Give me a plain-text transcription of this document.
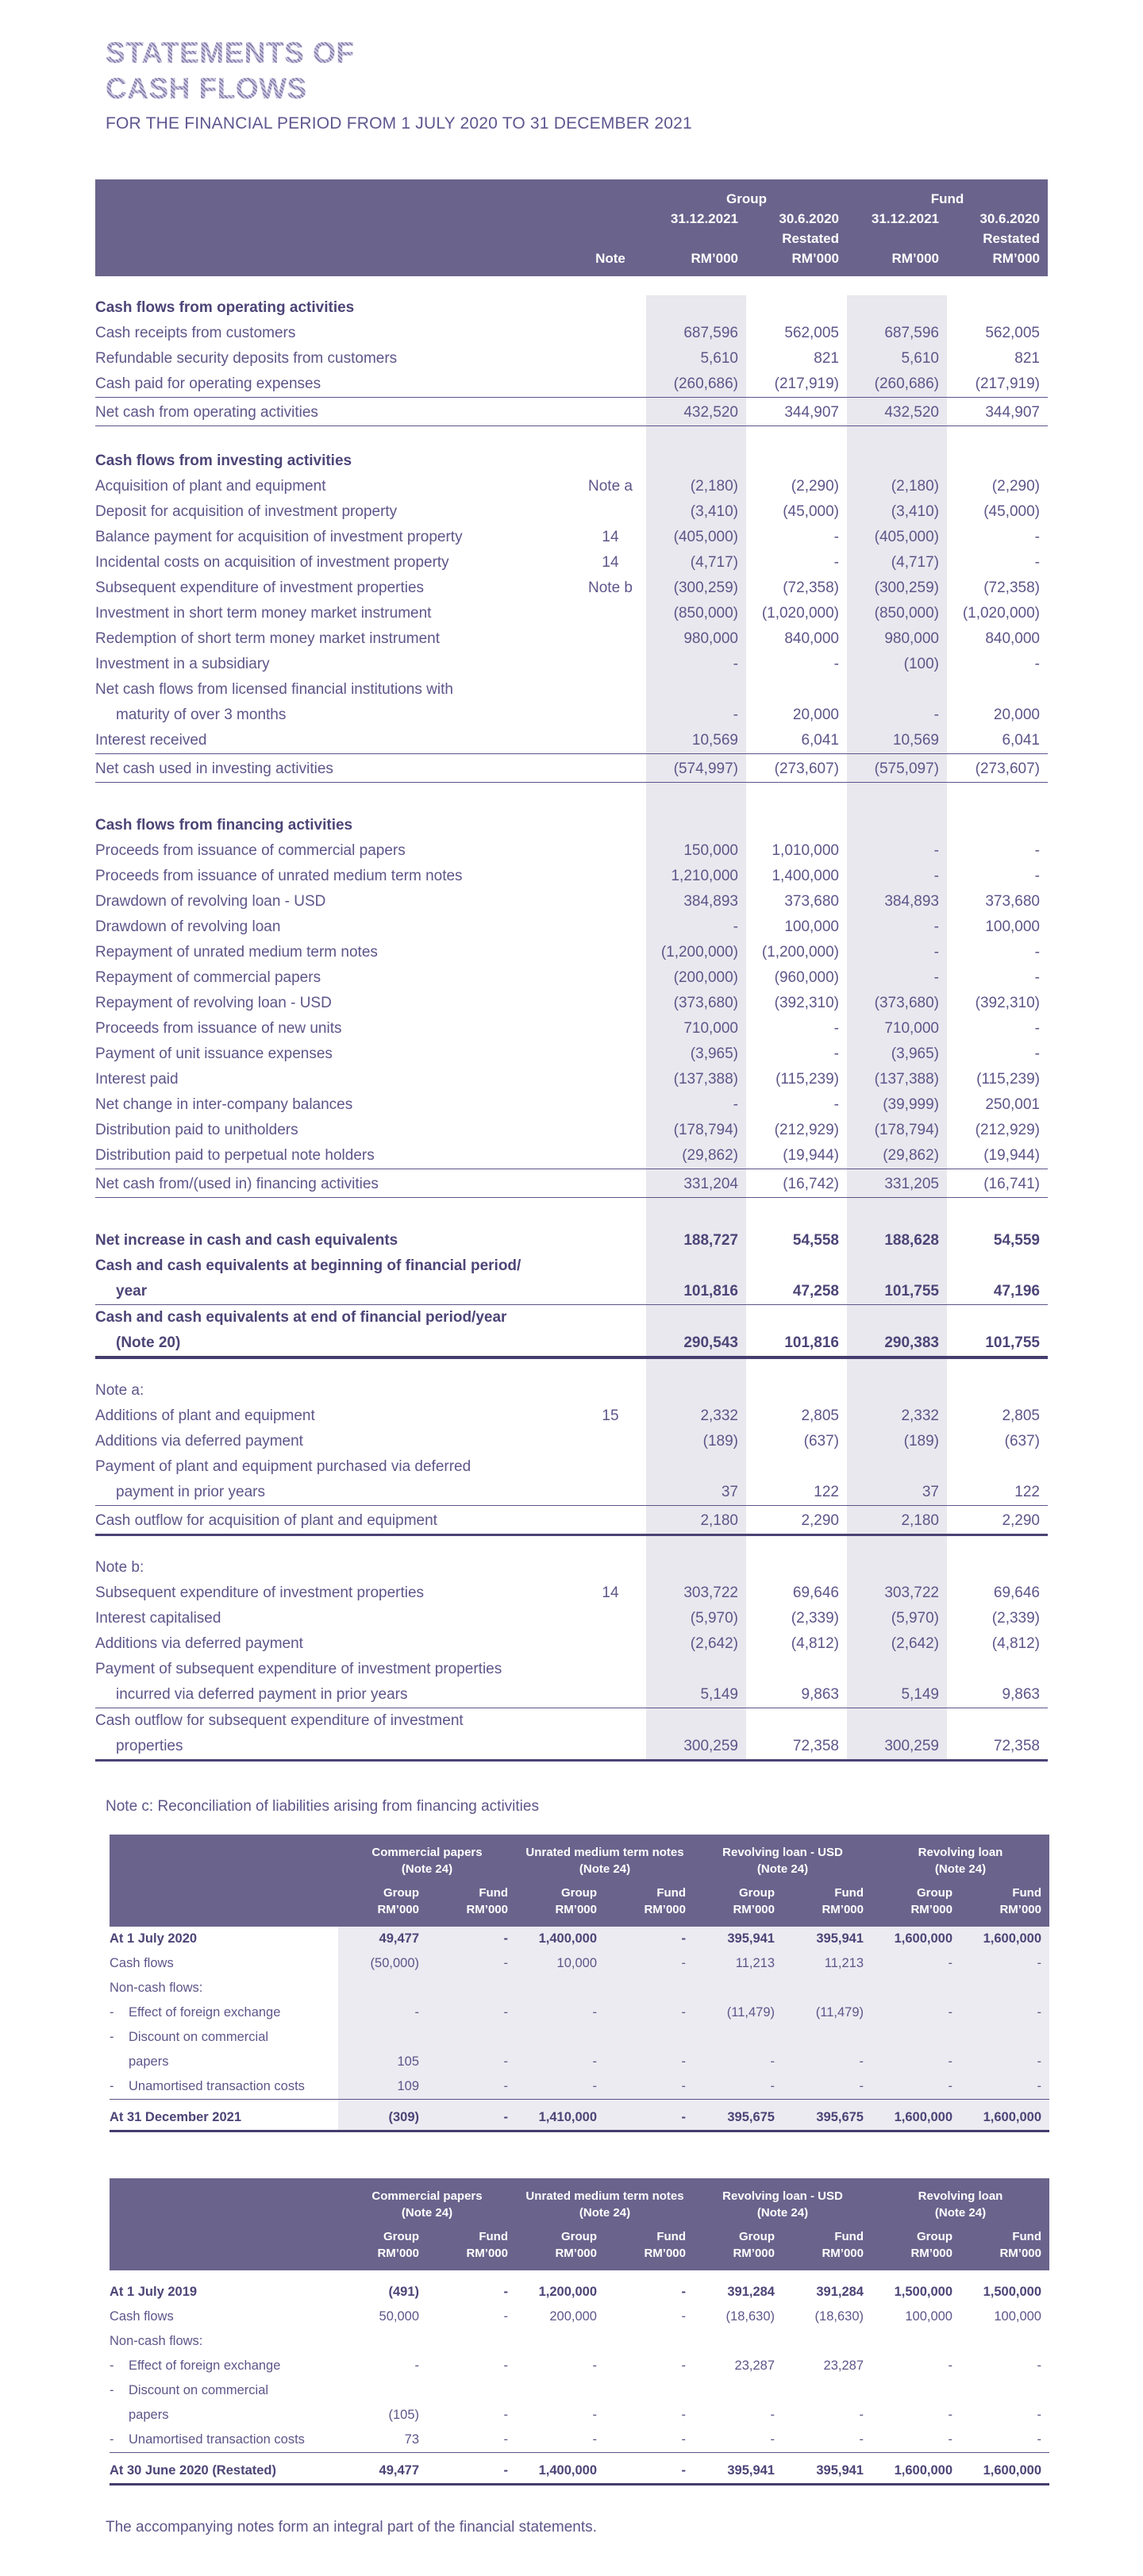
STATEMENTS OF
CASH FLOWS
FOR THE FINANCIAL PERIOD FROM 1 JULY 2020 TO 31 DECEMBER 2021
Group	Fund
31.12.2021	30.6.2020	31.12.2021	30.6.2020
Restated	Restated
Note	RM’000	RM’000	RM’000	RM’000
Cash flows from operating activities
Cash receipts from customers	687,596	562,005	687,596	562,005
Refundable security deposits from customers	5,610	821	5,610	821
Cash paid for operating expenses	(260,686)	(217,919)	(260,686)	(217,919)
Net cash from operating activities	432,520	344,907	432,520	344,907
Cash flows from investing activities
Acquisition of plant and equipment	Note a	(2,180)	(2,290)	(2,180)	(2,290)
Deposit for acquisition of investment property	(3,410)	(45,000)	(3,410)	(45,000)
Balance payment for acquisition of investment property	14	(405,000)	-	(405,000)	-
Incidental costs on acquisition of investment property	14	(4,717)	-	(4,717)	-
Subsequent expenditure of investment properties	Note b	(300,259)	(72,358)	(300,259)	(72,358)
Investment in short term money market instrument	(850,000)	(1,020,000)	(850,000)	(1,020,000)
Redemption of short term money market instrument	980,000	840,000	980,000	840,000
Investment in a subsidiary	-	-	(100)	-
Net cash flows from licensed financial institutions with
maturity of over 3 months	-	20,000	-	20,000
Interest received	10,569	6,041	10,569	6,041
Net cash used in investing activities	(574,997)	(273,607)	(575,097)	(273,607)
Cash flows from financing activities
Proceeds from issuance of commercial papers	150,000	1,010,000	-	-
Proceeds from issuance of unrated medium term notes	1,210,000	1,400,000	-	-
Drawdown of revolving loan - USD	384,893	373,680	384,893	373,680
Drawdown of revolving loan	-	100,000	-	100,000
Repayment of unrated medium term notes	(1,200,000)	(1,200,000)	-	-
Repayment of commercial papers	(200,000)	(960,000)	-	-
Repayment of revolving loan - USD	(373,680)	(392,310)	(373,680)	(392,310)
Proceeds from issuance of new units	710,000	-	710,000	-
Payment of unit issuance expenses	(3,965)	-	(3,965)	-
Interest paid	(137,388)	(115,239)	(137,388)	(115,239)
Net change in inter-company balances	-	-	(39,999)	250,001
Distribution paid to unitholders	(178,794)	(212,929)	(178,794)	(212,929)
Distribution paid to perpetual note holders	(29,862)	(19,944)	(29,862)	(19,944)
Net cash from/(used in) financing activities	331,204	(16,742)	331,205	(16,741)
Net increase in cash and cash equivalents	188,727	54,558	188,628	54,559
Cash and cash equivalents at beginning of financial period/
year	101,816	47,258	101,755	47,196
Cash and cash equivalents at end of financial period/year
(Note 20)	290,543	101,816	290,383	101,755
Note a:
Additions of plant and equipment	15	2,332	2,805	2,332	2,805
Additions via deferred payment	(189)	(637)	(189)	(637)
Payment of plant and equipment purchased via deferred
payment in prior years	37	122	37	122
Cash outflow for acquisition of plant and equipment	2,180	2,290	2,180	2,290
Note b:
Subsequent expenditure of investment properties	14	303,722	69,646	303,722	69,646
Interest capitalised	(5,970)	(2,339)	(5,970)	(2,339)
Additions via deferred payment	(2,642)	(4,812)	(2,642)	(4,812)
Payment of subsequent expenditure of investment properties
incurred via deferred payment in prior years	5,149	9,863	5,149	9,863
Cash outflow for subsequent expenditure of investment
properties	300,259	72,358	300,259	72,358
Note c: Reconciliation of liabilities arising from financing activities
Commercial papers
(Note 24)
Unrated medium term notes
(Note 24)
Revolving loan - USD
(Note 24)
Revolving loan
(Note 24)
Group
RM’000
Fund
RM’000
Group
RM’000
Fund
RM’000
Group
RM’000
Fund
RM’000
Group
RM’000
Fund
RM’000
At 1 July 2020	49,477	-	1,400,000	-	395,941	395,941	1,600,000	1,600,000
Cash flows	(50,000)	-	10,000	-	11,213	11,213	-	-
Non-cash flows:
- Effect of foreign exchange	-	-	-	-	(11,479)	(11,479)	-	-
- Discount on commercial
papers	105	-	-	-	-	-	-	-
- Unamortised transaction costs	109	-	-	-	-	-	-	-
At 31 December 2021	(309)	-	1,410,000	-	395,675	395,675	1,600,000	1,600,000
Commercial papers
(Note 24)
Unrated medium term notes
(Note 24)
Revolving loan - USD
(Note 24)
Revolving loan
(Note 24)
Group
RM’000
Fund
RM’000
Group
RM’000
Fund
RM’000
Group
RM’000
Fund
RM’000
Group
RM’000
Fund
RM’000
At 1 July 2019	(491)	-	1,200,000	-	391,284	391,284	1,500,000	1,500,000
Cash flows	50,000	-	200,000	-	(18,630)	(18,630)	100,000	100,000
Non-cash flows:
- Effect of foreign exchange	-	-	-	-	23,287	23,287	-	-
- Discount on commercial
papers	(105)	-	-	-	-	-	-	-
- Unamortised transaction costs	73	-	-	-	-	-	-	-
At 30 June 2020 (Restated)	49,477	-	1,400,000	-	395,941	395,941	1,600,000	1,600,000
The accompanying notes form an integral part of the financial statements.
